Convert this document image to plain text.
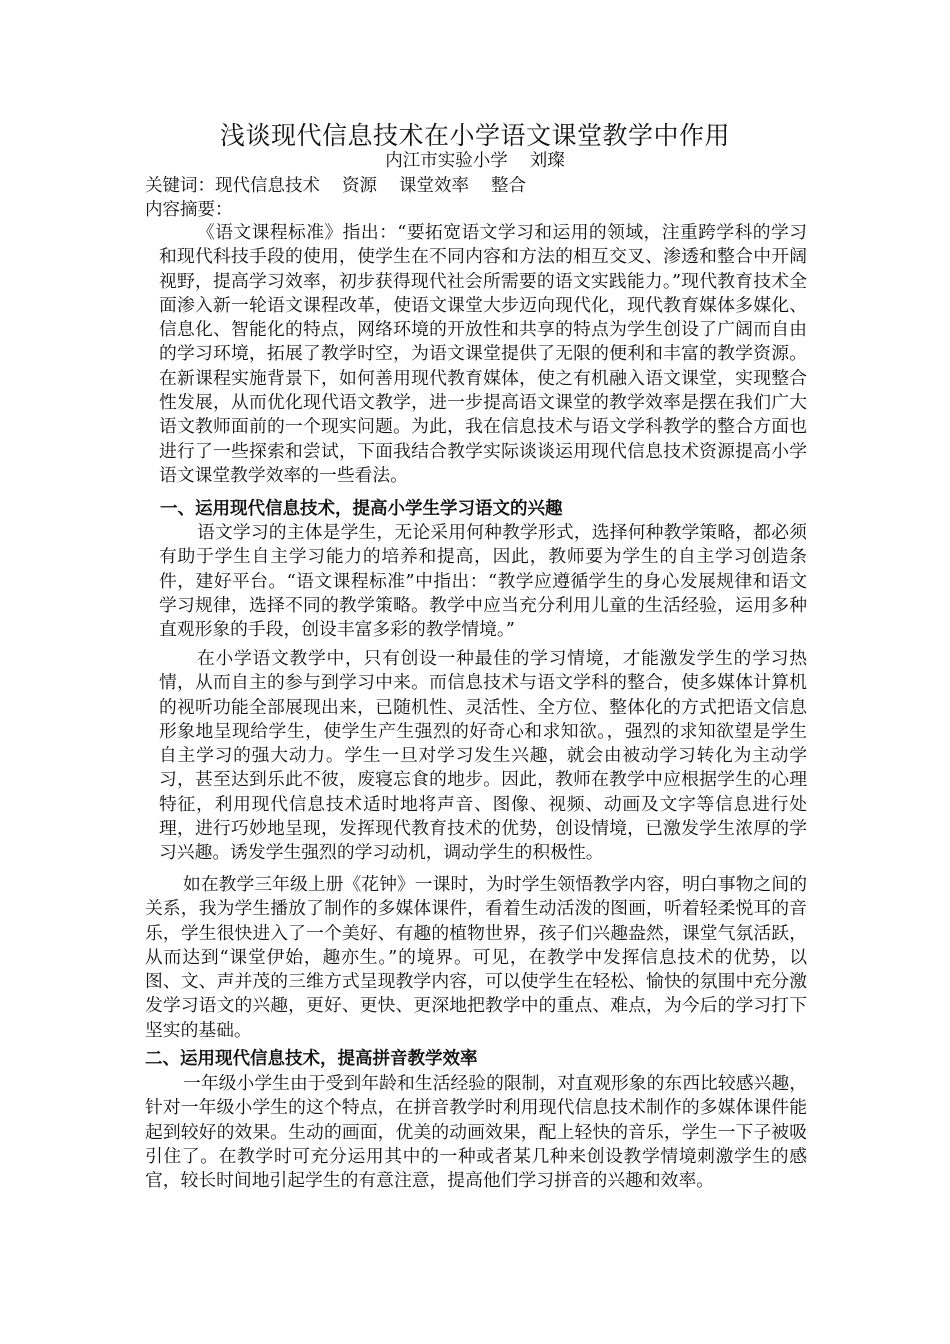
浅谈现代信息技术在小学语文课堂教学中作用
内江市实验小学 刘璨
关键词：现代信息技术 资源 课堂效率 整合
内容摘要：

《语文课程标准》指出：“要拓宽语文学习和运用的领域，注重跨学科的学习和现代科技手段的使用，使学生在不同内容和方法的相互交叉、渗透和整合中开阔视野，提高学习效率，初步获得现代社会所需要的语文实践能力。”现代教育技术全面渗入新一轮语文课程改革，使语文课堂大步迈向现代化，现代教育媒体多媒化、信息化、智能化的特点，网络环境的开放性和共享的特点为学生创设了广阔而自由的学习环境，拓展了教学时空，为语文课堂提供了无限的便利和丰富的教学资源。在新课程实施背景下，如何善用现代教育媒体，使之有机融入语文课堂，实现整合性发展，从而优化现代语文教学，进一步提高语文课堂的教学效率是摆在我们广大语文教师面前的一个现实问题。为此，我在信息技术与语文学科教学的整合方面也进行了一些探索和尝试，下面我结合教学实际谈谈运用现代信息技术资源提高小学语文课堂教学效率的一些看法。

一、运用现代信息技术，提高小学生学习语文的兴趣

语文学习的主体是学生，无论采用何种教学形式，选择何种教学策略，都必须有助于学生自主学习能力的培养和提高，因此，教师要为学生的自主学习创造条件，建好平台。“语文课程标准”中指出：“教学应遵循学生的身心发展规律和语文学习规律，选择不同的教学策略。教学中应当充分利用儿童的生活经验，运用多种直观形象的手段，创设丰富多彩的教学情境。”

在小学语文教学中，只有创设一种最佳的学习情境，才能激发学生的学习热情，从而自主的参与到学习中来。而信息技术与语文学科的整合，使多媒体计算机的视听功能全部展现出来，已随机性、灵活性、全方位、整体化的方式把语文信息形象地呈现给学生，使学生产生强烈的好奇心和求知欲。，强烈的求知欲望是学生自主学习的强大动力。学生一旦对学习发生兴趣，就会由被动学习转化为主动学习，甚至达到乐此不彼，废寝忘食的地步。因此，教师在教学中应根据学生的心理特征，利用现代信息技术适时地将声音、图像、视频、动画及文字等信息进行处理，进行巧妙地呈现，发挥现代教育技术的优势，创设情境，已激发学生浓厚的学习兴趣。诱发学生强烈的学习动机，调动学生的积极性。

如在教学三年级上册《花钟》一课时，为时学生领悟教学内容，明白事物之间的关系，我为学生播放了制作的多媒体课件，看着生动活泼的图画，听着轻柔悦耳的音乐，学生很快进入了一个美好、有趣的植物世界，孩子们兴趣盎然，课堂气氛活跃，从而达到“课堂伊始，趣亦生。”的境界。可见，在教学中发挥信息技术的优势，以图、文、声并茂的三维方式呈现教学内容，可以使学生在轻松、愉快的氛围中充分激发学习语文的兴趣，更好、更快、更深地把教学中的重点、难点，为今后的学习打下坚实的基础。

二、运用现代信息技术，提高拼音教学效率

一年级小学生由于受到年龄和生活经验的限制，对直观形象的东西比较感兴趣，针对一年级小学生的这个特点，在拼音教学时利用现代信息技术制作的多媒体课件能起到较好的效果。生动的画面，优美的动画效果，配上轻快的音乐，学生一下子被吸引住了。在教学时可充分运用其中的一种或者某几种来创设教学情境刺激学生的感官，较长时间地引起学生的有意注意，提高他们学习拼音的兴趣和效率。
